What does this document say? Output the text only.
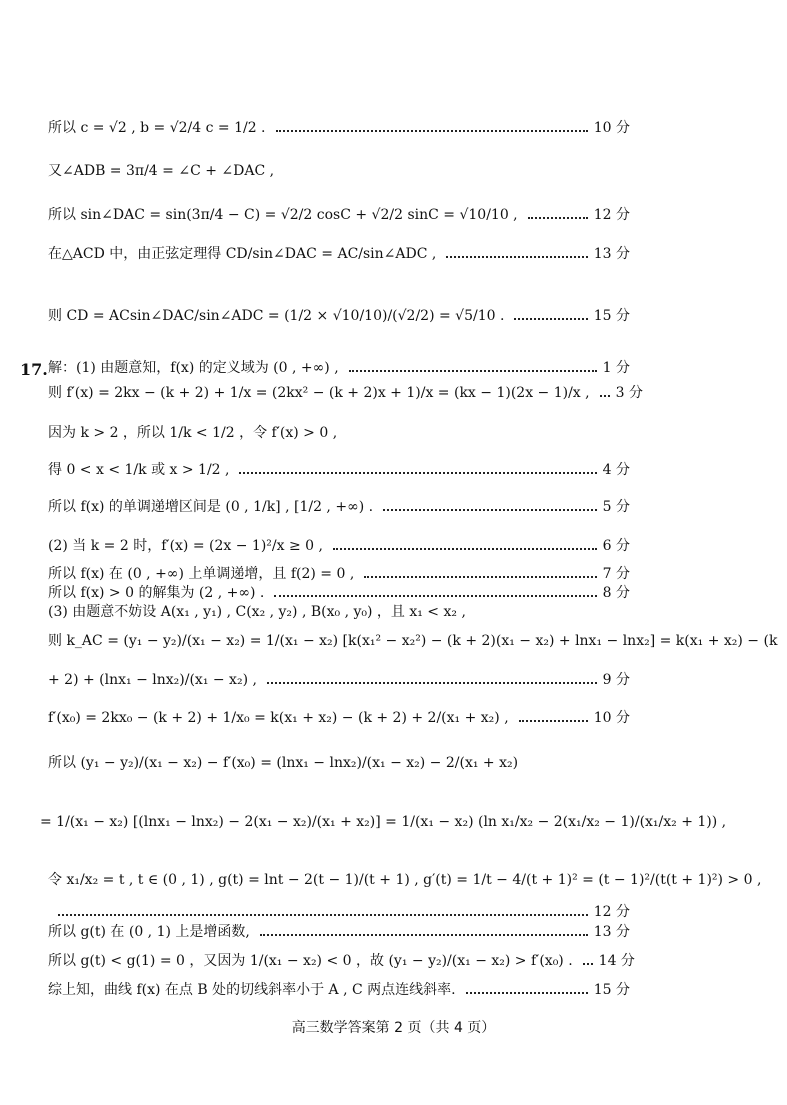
所以 c = √2 , b = √2/4 c = 1/2 .	10 分
又∠ADB = 3π/4 = ∠C + ∠DAC ,
所以 sin∠DAC = sin(3π/4 − C) = √2/2 cosC + √2/2 sinC = √10/10 ,	12 分
在△ACD 中，由正弦定理得 CD/sin∠DAC = AC/sin∠ADC ,	13 分
则 CD = ACsin∠DAC/sin∠ADC = (1/2 × √10/10)/(√2/2) = √5/10 .	15 分
17. 解：(1) 由题意知，f(x) 的定义域为 (0 , +∞) ,	1 分
则 f′(x) = 2kx − (k + 2) + 1/x = (2kx² − (k + 2)x + 1)/x = (kx − 1)(2x − 1)/x , 3 分
因为 k > 2 ，所以 1/k < 1/2 ，令 f′(x) > 0 ,
得 0 < x < 1/k 或 x > 1/2 ,	4 分
所以 f(x) 的单调递增区间是 (0 , 1/k] , [1/2 , +∞) .	5 分
(2) 当 k = 2 时，f′(x) = (2x − 1)²/x ≥ 0 ,	6 分
所以 f(x) 在 (0 , +∞) 上单调递增，且 f(2) = 0 ,	7 分
所以 f(x) > 0 的解集为 (2 , +∞) .	8 分
(3) 由题意不妨设 A(x₁ , y₁) , C(x₂ , y₂) , B(x₀ , y₀) ，且 x₁ < x₂ ,
则 k_AC = (y₁ − y₂)/(x₁ − x₂) = 1/(x₁ − x₂) [k(x₁² − x₂²) − (k + 2)(x₁ − x₂) + lnx₁ − lnx₂] = k(x₁ + x₂) − (k
+ 2) + (lnx₁ − lnx₂)/(x₁ − x₂) ,	9 分
f′(x₀) = 2kx₀ − (k + 2) + 1/x₀ = k(x₁ + x₂) − (k + 2) + 2/(x₁ + x₂) ,	10 分
所以 (y₁ − y₂)/(x₁ − x₂) − f′(x₀) = (lnx₁ − lnx₂)/(x₁ − x₂) − 2/(x₁ + x₂)
= 1/(x₁ − x₂) [(lnx₁ − lnx₂) − 2(x₁ − x₂)/(x₁ + x₂)] = 1/(x₁ − x₂) (ln x₁/x₂ − 2(x₁/x₂ − 1)/(x₁/x₂ + 1)) ,
令 x₁/x₂ = t , t ∈ (0 , 1) , g(t) = lnt − 2(t − 1)/(t + 1) , g′(t) = 1/t − 4/(t + 1)² = (t − 1)²/(t(t + 1)²) > 0 ,
12 分
所以 g(t) 在 (0 , 1) 上是增函数,	13 分
所以 g(t) < g(1) = 0 ，又因为 1/(x₁ − x₂) < 0 ，故 (y₁ − y₂)/(x₁ − x₂) > f′(x₀) . 14 分
综上知，曲线 f(x) 在点 B 处的切线斜率小于 A , C 两点连线斜率.	15 分
高三数学答案第 2 页（共 4 页）
